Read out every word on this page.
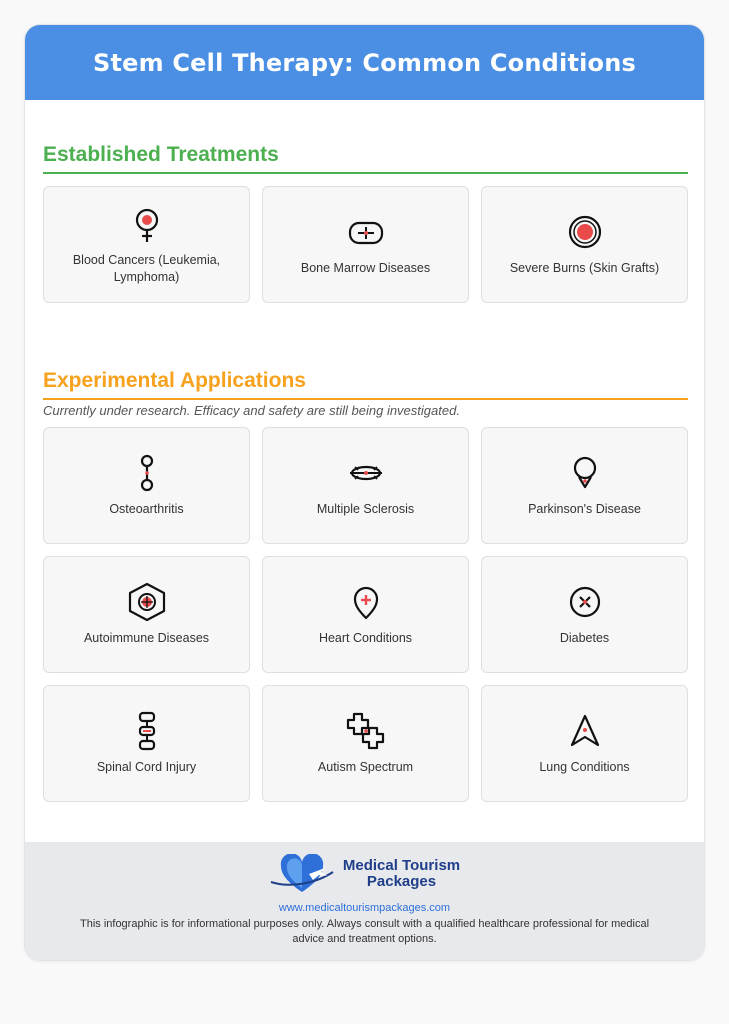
Stem Cell Therapy: Common Conditions
Established Treatments
Blood Cancers (Leukemia, Lymphoma)
Bone Marrow Diseases	Severe Burns (Skin Grafts)
Experimental Applications
Currently under research. Efficacy and safety are still being investigated.
Osteoarthritis	Multiple Sclerosis	Parkinson's Disease
Autoimmune Diseases	Heart Conditions	Diabetes
Spinal Cord Injury	Autism Spectrum	Lung Conditions
Medical Tourism
Packages
www.medicaltourismpackages.com
This infographic is for informational purposes only. Always consult with a qualified healthcare professional for medical advice and treatment options.
